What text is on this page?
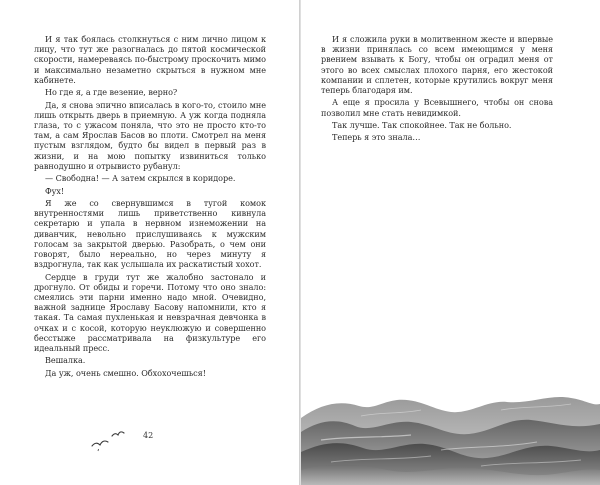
И я так боялась столкнуться с ним лично лицом к лицу, что тут же разогналась до пятой космической скорости, намереваясь по-быстрому проскочить мимо и максимально незаметно скрыться в нужном мне кабинете.

Но где я, а где везение, верно?

Да, я снова эпично вписалась в кого-то, стоило мне лишь открыть дверь в приемную. А уж когда подняла глаза, то с ужасом поняла, что это не просто кто-то там, а сам Ярослав Басов во плоти. Смотрел на меня пустым взглядом, будто бы видел в первый раз в жизни, и на мою попытку извиниться только равнодушно и отрывисто рубанул:

— Свободна! — А затем скрылся в коридоре.

Фух!

Я же со свернувшимся в тугой комок внутренностями лишь приветственно кивнула секретарю и упала в нервном изнеможении на диванчик, невольно прислушиваясь к мужским голосам за закрытой дверью. Разобрать, о чем они говорят, было нереально, но через минуту я вздрогнула, так как услышала их раскатистый хохот.

Сердце в груди тут же жалобно застонало и дрогнуло. От обиды и горечи. Потому что оно знало: смеялись эти парни именно надо мной. Очевидно, важной заднице Ярославу Басову напомнили, кто я такая. Та самая пухленькая и невзрачная девчонка в очках и с косой, которую неуклюжую и совершенно бесстыже рассматривала на физкультуре его идеальный пресс.

Вешалка.

Да уж, очень смешно. Обхохочешься!

42

И я сложила руки в молитвенном жесте и впервые в жизни принялась со всем имеющимся у меня рвением взывать к Богу, чтобы он оградил меня от этого во всех смыслах плохого парня, его жестокой компании и сплетен, которые крутились вокруг меня теперь благодаря им.

А еще я просила у Всевышнего, чтобы он снова позволил мне стать невидимкой.

Так лучше. Так спокойнее. Так не больно.

Теперь я это знала…
